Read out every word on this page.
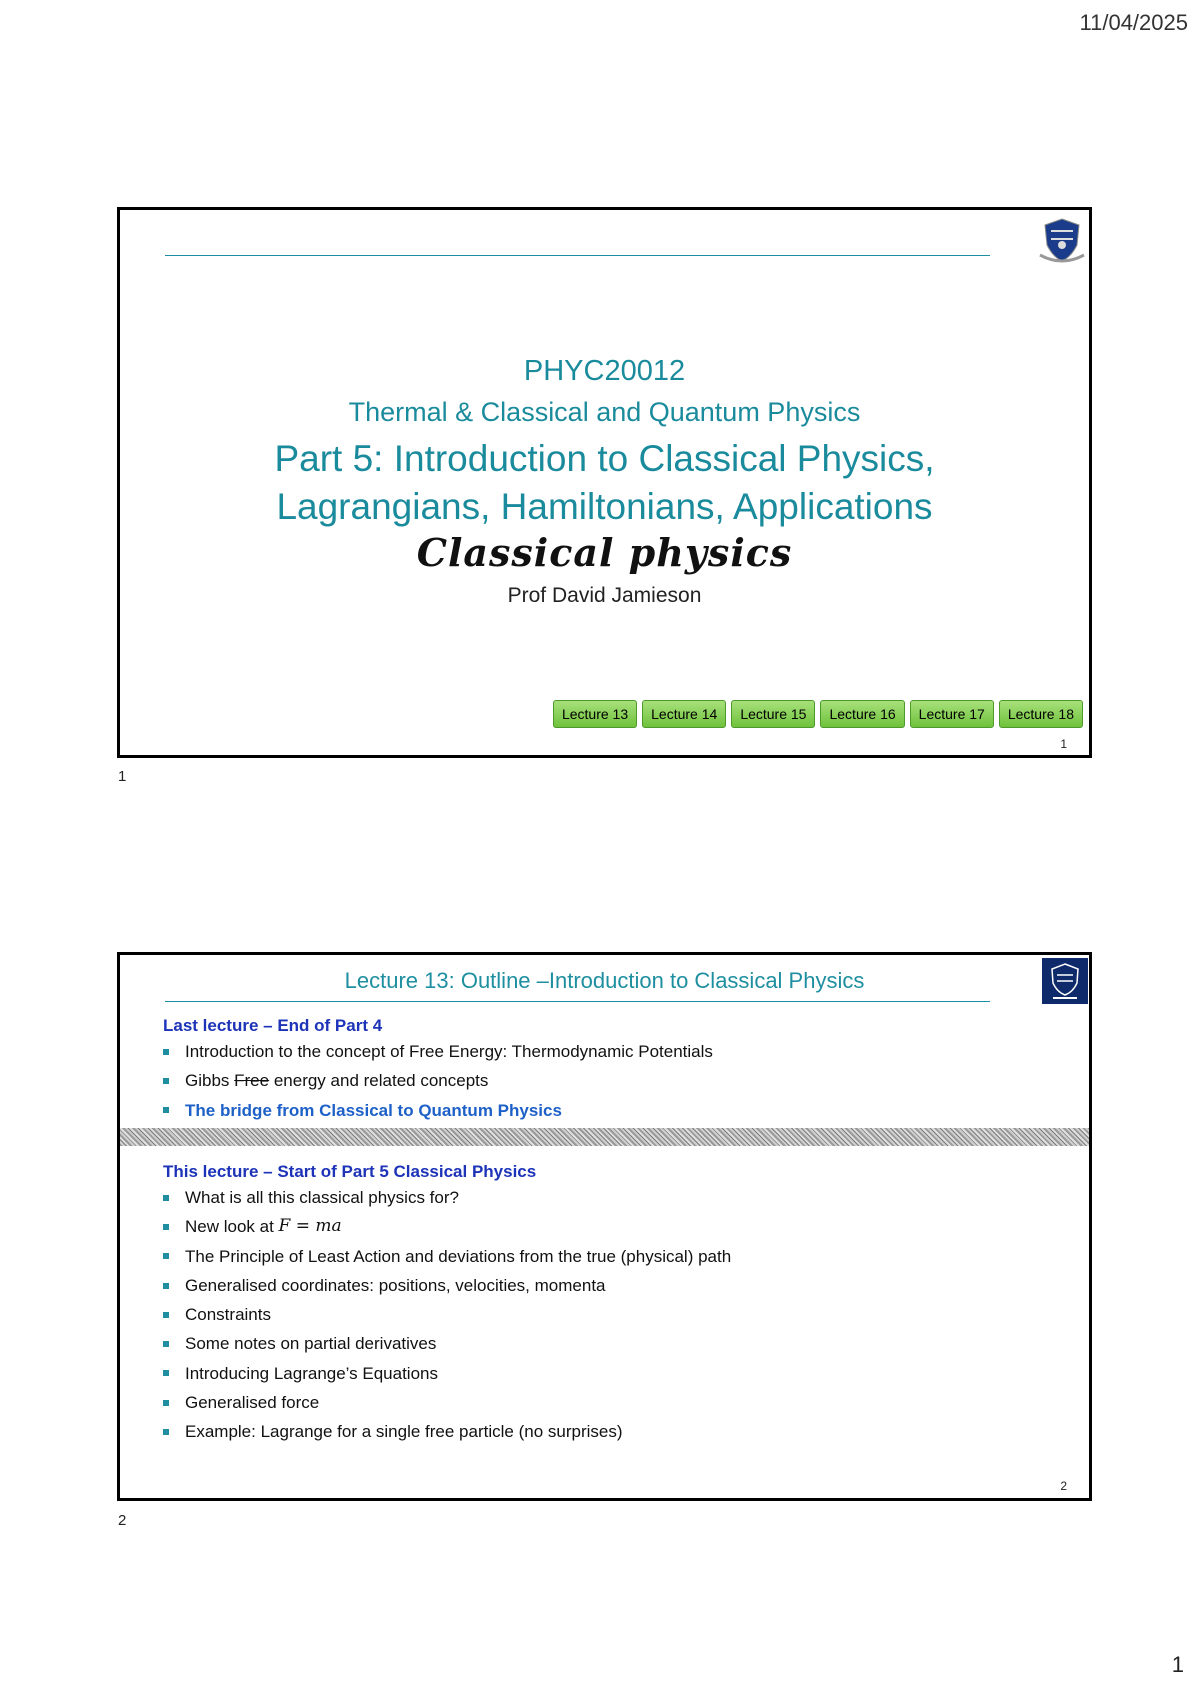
11/04/2025
PHYC20012
Thermal & Classical and Quantum Physics
Part 5: Introduction to Classical Physics, Lagrangians, Hamiltonians, Applications
Classical physics
Prof David Jamieson
Lecture 13	Lecture 14	Lecture 15	Lecture 16	Lecture 17	Lecture 18
1
1
Lecture 13: Outline –Introduction to Classical Physics
Last lecture – End of Part 4
Introduction to the concept of Free Energy: Thermodynamic Potentials
Gibbs Free energy and related concepts
The bridge from Classical to Quantum Physics
This lecture – Start of Part 5 Classical Physics
What is all this classical physics for?
New look at F = ma
The Principle of Least Action and deviations from the true (physical) path
Generalised coordinates: positions, velocities, momenta
Constraints
Some notes on partial derivatives
Introducing Lagrange’s Equations
Generalised force
Example: Lagrange for a single free particle (no surprises)
2
2
1
